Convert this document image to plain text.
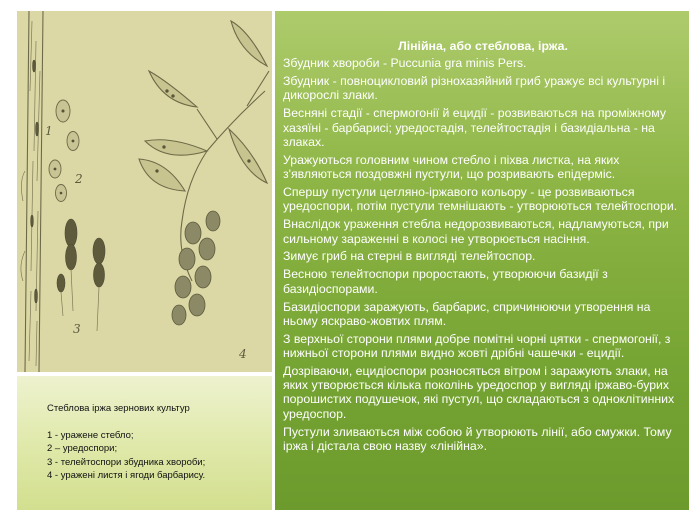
1
2
3
4
Стеблова іржа зернових культур
1 - уражене стебло;
2 – уредоспори;
3 - телейтоспори збудника хвороби;
4 - уражені листя і ягоди барбарису.
Лінійна, або стеблова, іржа.

Збудник хвороби - Puccunia gra minis Pers.

Збудник - повноцикловий різнохазяйний гриб уражує всі культурні і дикорослі злаки.

Весняні стадії - спермогонії й ецидії - розвиваються на проміжному хазяїні - барбарисі; уредостадія, телейтостадія і базидіальна - на злаках.

Уражуються головним чином стебло і піхва листка, на яких з'являються поздовжні пустули, що розривають епідерміс.

Спершу пустули цегляно-іржавого кольору - це розвиваються уредоспори, потім пустули темнішають - утворюються телейтоспори.

Внаслідок ураження стебла недорозвиваються, надламуються, при сильному зараженні в колосі не утворюється насіння.

Зимує гриб на стерні в вигляді телейтоспор.

Весною телейтоспори проростають, утворюючи базидії з базидіоспорами.

Базидіоспори заражують, барбарис, спричинюючи утворення на ньому яскраво-жовтих плям.

З верхньої сторони плями добре помітні чорні цятки - спермогонії, з нижньої сторони плями видно жовті дрібні чашечки - ецидії.

Дозріваючи, ецидіоспори розносяться вітром і заражують злаки, на яких утворюється кілька поколінь уредоспор у вигляді іржаво-бурих порошистих подушечок, які пустул, що складаються з одноклітинних уредоспор.

Пустули зливаються між собою й утворюють лінії, або смужки. Тому іржа і дістала свою назву «лінійна».
